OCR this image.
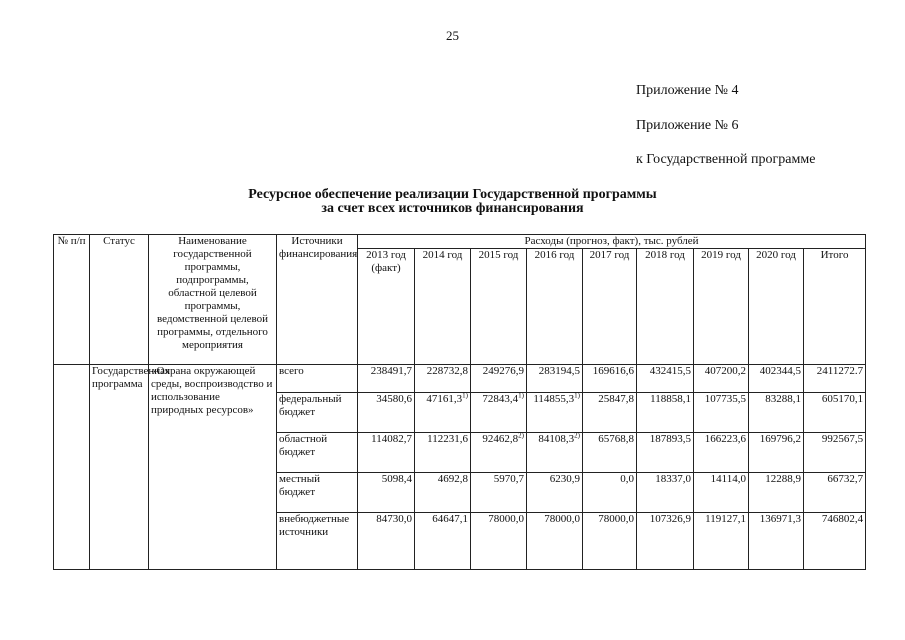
25
Приложение № 4
Приложение № 6
к Государственной программе
Ресурсное обеспечение реализации Государственной программы
за счет всех источников финансирования
№ п/п	Статус	Наименование государственной программы, подпрограммы, областной целевой программы, ведомственной целевой программы, отдельного мероприятия	Источники финансирования	Расходы (прогноз, факт), тыс. рублей								
				2013 год (факт)	2014 год	2015 год	2016 год	2017 год	2018 год	2019 год	2020 год	Итого
	Государственная программа	«Охрана окружающей среды, воспроизводство и использование природных ресурсов»	всего	238491,7	228732,8	249276,9	283194,5	169616,6	432415,5	407200,2	402344,5	2411272.7
			федеральный бюджет	34580,6	47161,3$^{1)}$	72843,4$^{1)}$	114855,3$^{1)}$	25847,8	118858,1	107735,5	83288,1	605170,1
			областной бюджет	114082,7	112231,6	92462,8$^{2)}$	84108,3$^{2)}$	65768,8	187893,5	166223,6	169796,2	992567,5
			местный бюджет	5098,4	4692,8	5970,7	6230,9	0,0	18337,0	14114,0	12288,9	66732,7
			внебюджетные источники	84730,0	64647,1	78000,0	78000,0	78000,0	107326,9	119127,1	136971,3	746802,4
